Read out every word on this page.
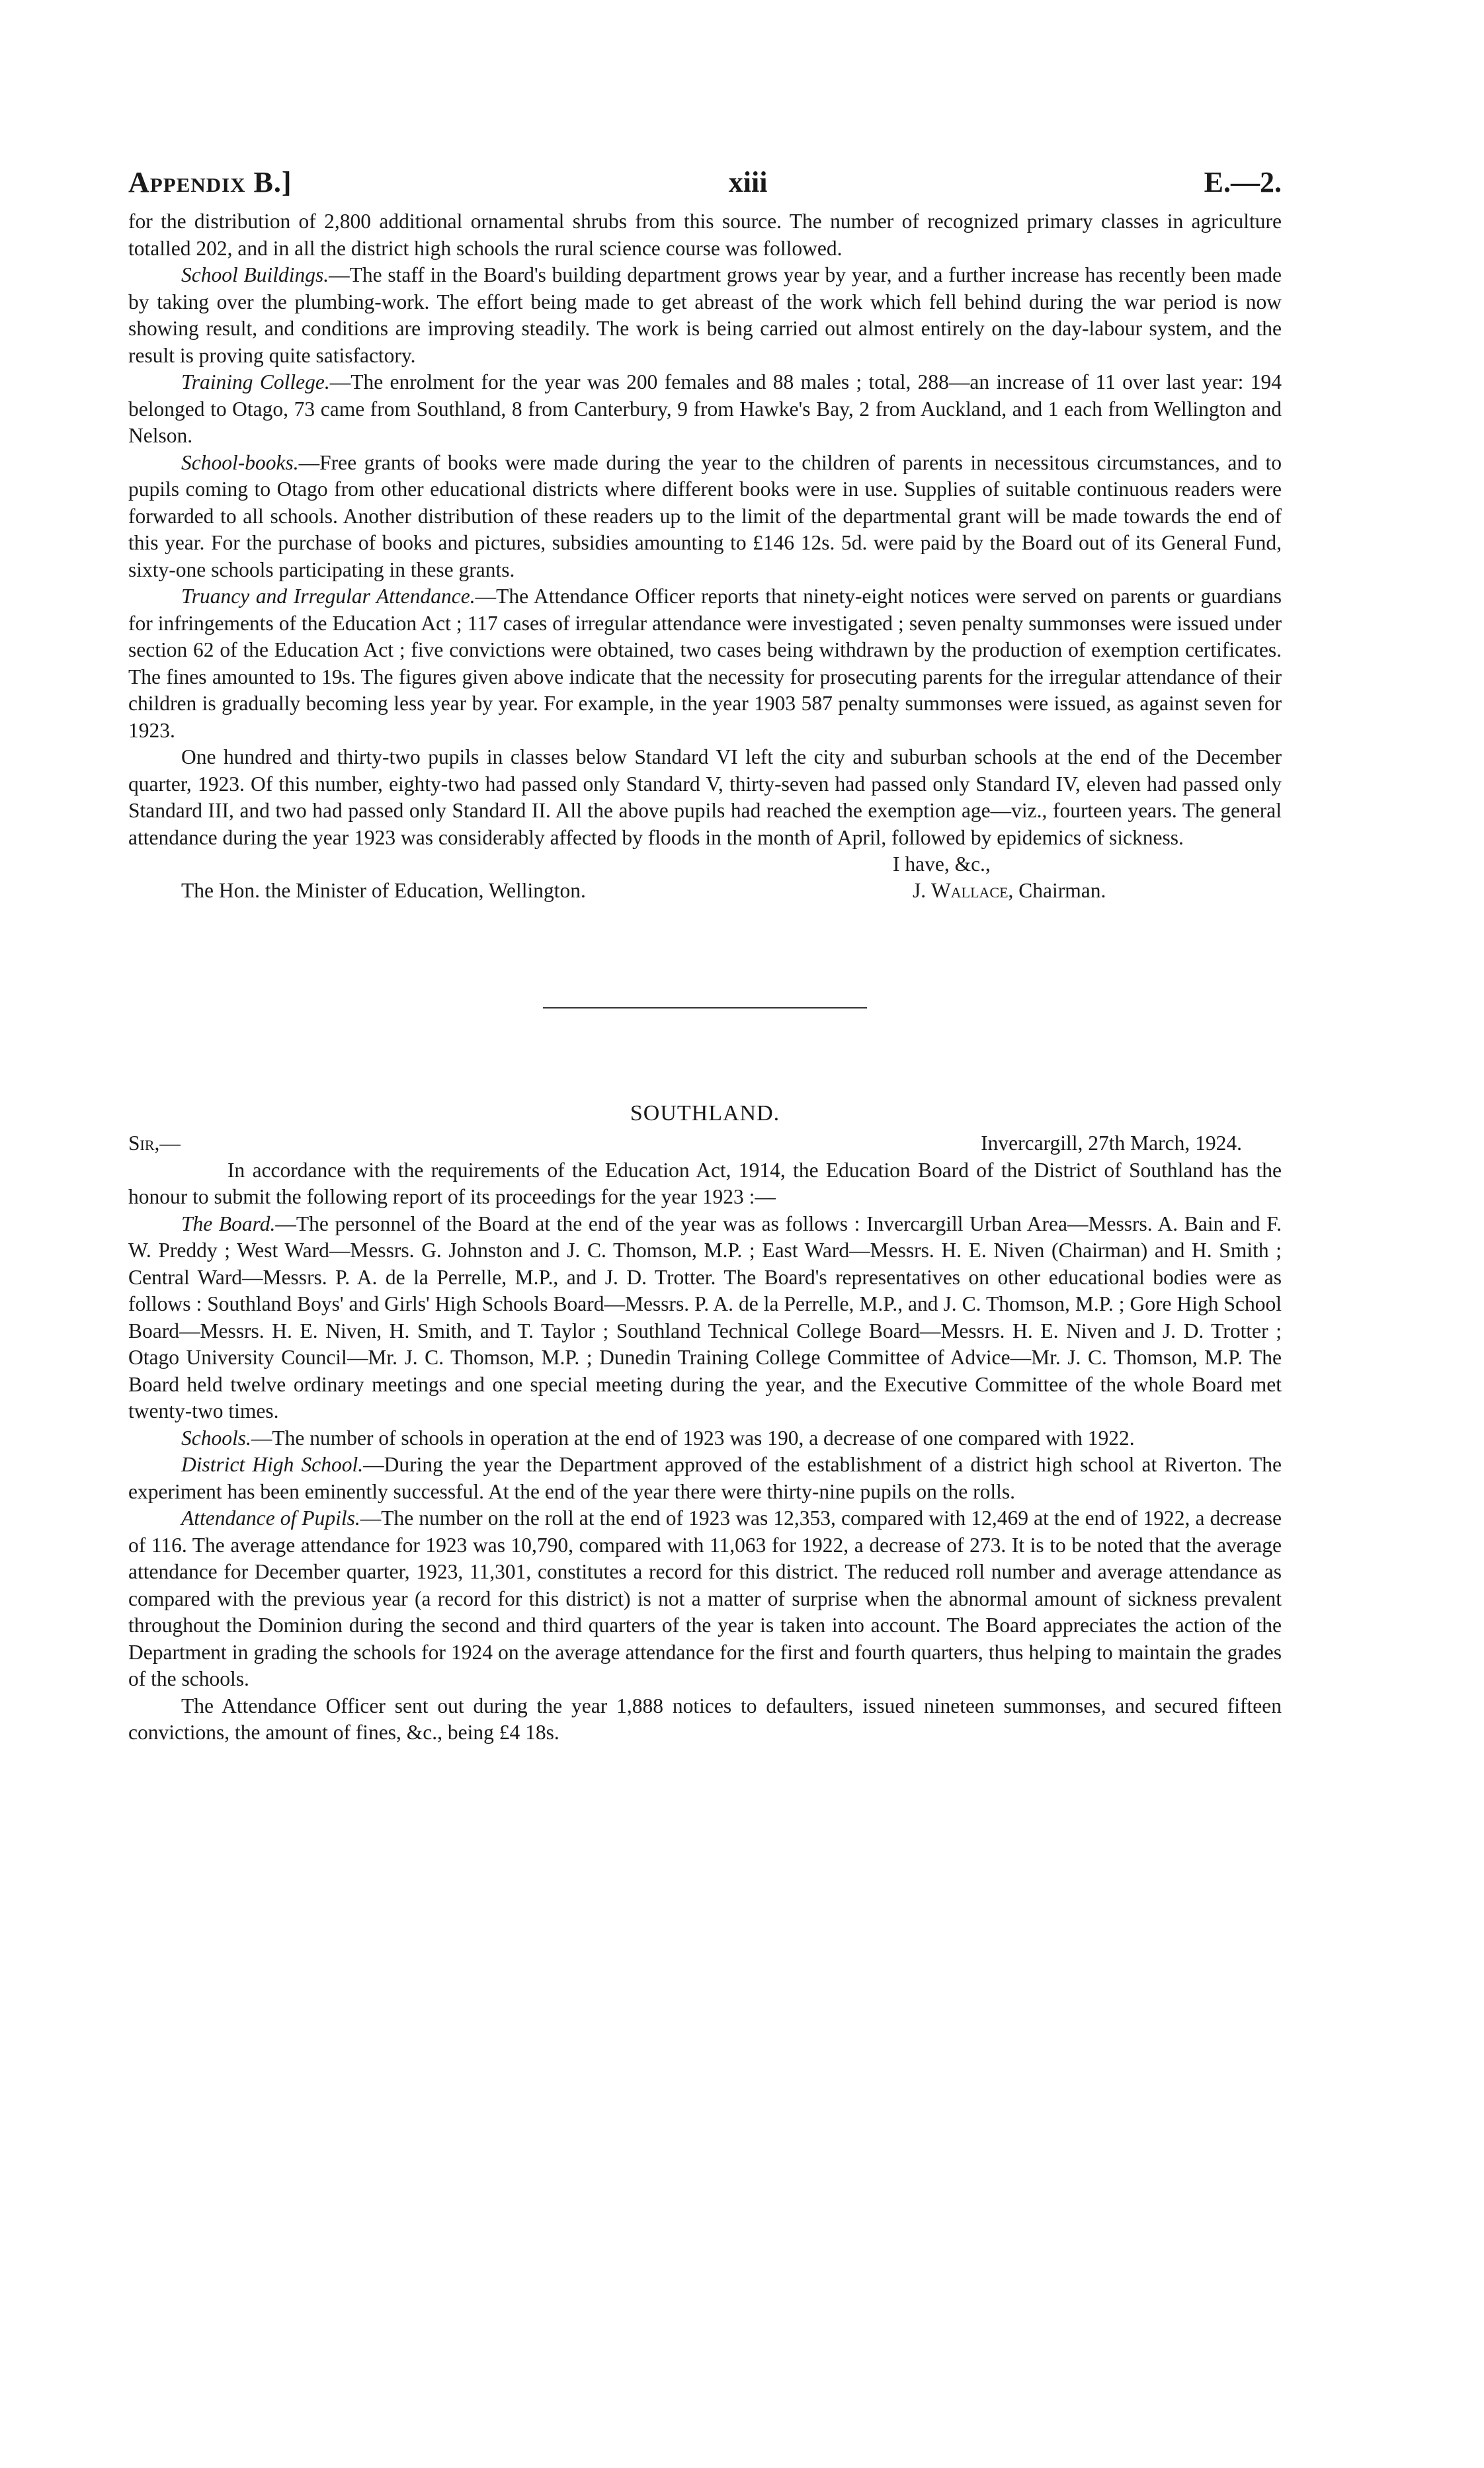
Appendix B.]	xiii	E.—2.

for the distribution of 2,800 additional ornamental shrubs from this source. The number of recognized primary classes in agriculture totalled 202, and in all the district high schools the rural science course was followed.

School Buildings.—The staff in the Board's building department grows year by year, and a further increase has recently been made by taking over the plumbing-work. The effort being made to get abreast of the work which fell behind during the war period is now showing result, and conditions are improving steadily. The work is being carried out almost entirely on the day-labour system, and the result is proving quite satisfactory.

Training College.—The enrolment for the year was 200 females and 88 males ; total, 288—an increase of 11 over last year: 194 belonged to Otago, 73 came from Southland, 8 from Canterbury, 9 from Hawke's Bay, 2 from Auckland, and 1 each from Wellington and Nelson.

School-books.—Free grants of books were made during the year to the children of parents in necessitous circumstances, and to pupils coming to Otago from other educational districts where different books were in use. Supplies of suitable continuous readers were forwarded to all schools. Another distribution of these readers up to the limit of the departmental grant will be made towards the end of this year. For the purchase of books and pictures, subsidies amounting to £146 12s. 5d. were paid by the Board out of its General Fund, sixty-one schools participating in these grants.

Truancy and Irregular Attendance.—The Attendance Officer reports that ninety-eight notices were served on parents or guardians for infringements of the Education Act ; 117 cases of irregular attendance were investigated ; seven penalty summonses were issued under section 62 of the Education Act ; five convictions were obtained, two cases being withdrawn by the production of exemption certificates. The fines amounted to 19s. The figures given above indicate that the necessity for prosecuting parents for the irregular attendance of their children is gradually becoming less year by year. For example, in the year 1903 587 penalty summonses were issued, as against seven for 1923.

One hundred and thirty-two pupils in classes below Standard VI left the city and suburban schools at the end of the December quarter, 1923. Of this number, eighty-two had passed only Standard V, thirty-seven had passed only Standard IV, eleven had passed only Standard III, and two had passed only Standard II. All the above pupils had reached the exemption age—viz., fourteen years. The general attendance during the year 1923 was considerably affected by floods in the month of April, followed by epidemics of sickness.

I have, &c.,
The Hon. the Minister of Education, Wellington.	J. Wallace, Chairman.
SOUTHLAND.
Sir,—	Invercargill, 27th March, 1924.

In accordance with the requirements of the Education Act, 1914, the Education Board of the District of Southland has the honour to submit the following report of its proceedings for the year 1923 :—

The Board.—The personnel of the Board at the end of the year was as follows : Invercargill Urban Area—Messrs. A. Bain and F. W. Preddy ; West Ward—Messrs. G. Johnston and J. C. Thomson, M.P. ; East Ward—Messrs. H. E. Niven (Chairman) and H. Smith ; Central Ward—Messrs. P. A. de la Perrelle, M.P., and J. D. Trotter. The Board's representatives on other educational bodies were as follows : Southland Boys' and Girls' High Schools Board—Messrs. P. A. de la Perrelle, M.P., and J. C. Thomson, M.P. ; Gore High School Board—Messrs. H. E. Niven, H. Smith, and T. Taylor ; Southland Technical College Board—Messrs. H. E. Niven and J. D. Trotter ; Otago University Council—Mr. J. C. Thomson, M.P. ; Dunedin Training College Committee of Advice—Mr. J. C. Thomson, M.P. The Board held twelve ordinary meetings and one special meeting during the year, and the Executive Committee of the whole Board met twenty-two times.

Schools.—The number of schools in operation at the end of 1923 was 190, a decrease of one compared with 1922.

District High School.—During the year the Department approved of the establishment of a district high school at Riverton. The experiment has been eminently successful. At the end of the year there were thirty-nine pupils on the rolls.

Attendance of Pupils.—The number on the roll at the end of 1923 was 12,353, compared with 12,469 at the end of 1922, a decrease of 116. The average attendance for 1923 was 10,790, compared with 11,063 for 1922, a decrease of 273. It is to be noted that the average attendance for December quarter, 1923, 11,301, constitutes a record for this district. The reduced roll number and average attendance as compared with the previous year (a record for this district) is not a matter of surprise when the abnormal amount of sickness prevalent throughout the Dominion during the second and third quarters of the year is taken into account. The Board appreciates the action of the Department in grading the schools for 1924 on the average attendance for the first and fourth quarters, thus helping to maintain the grades of the schools.

The Attendance Officer sent out during the year 1,888 notices to defaulters, issued nineteen summonses, and secured fifteen convictions, the amount of fines, &c., being £4 18s.
